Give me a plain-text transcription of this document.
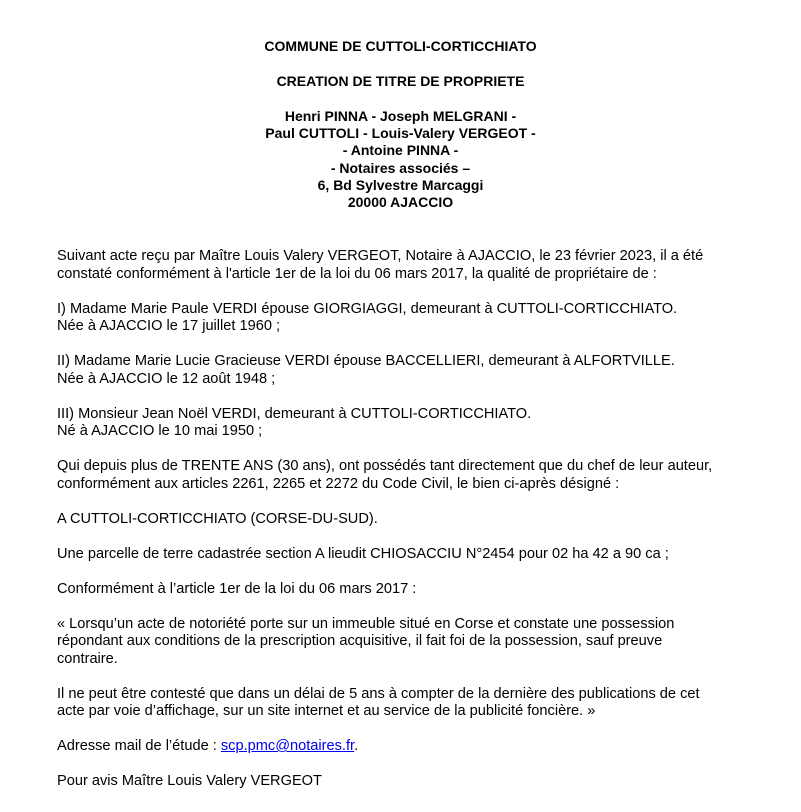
COMMUNE DE CUTTOLI-CORTICCHIATO
CREATION DE TITRE DE PROPRIETE
Henri PINNA - Joseph MELGRANI -
Paul CUTTOLI - Louis-Valery VERGEOT -
- Antoine PINNA -
- Notaires associés –
6, Bd Sylvestre Marcaggi
20000 AJACCIO

Suivant acte reçu par Maître Louis Valery VERGEOT, Notaire à AJACCIO, le 23 février 2023, il a été
constaté conformément à l'article 1er de la loi du 06 mars 2017, la qualité de propriétaire de :

I) Madame Marie Paule VERDI épouse GIORGIAGGI, demeurant à CUTTOLI-CORTICCHIATO.
Née à AJACCIO le 17 juillet 1960 ;

II) Madame Marie Lucie Gracieuse VERDI épouse BACCELLIERI, demeurant à ALFORTVILLE.
Née à AJACCIO le 12 août 1948 ;

III) Monsieur Jean Noël VERDI, demeurant à CUTTOLI-CORTICCHIATO.
Né à AJACCIO le 10 mai 1950 ;

Qui depuis plus de TRENTE ANS (30 ans), ont possédés tant directement que du chef de leur auteur,
conformément aux articles 2261, 2265 et 2272 du Code Civil, le bien ci-après désigné :

A CUTTOLI-CORTICCHIATO (CORSE-DU-SUD).

Une parcelle de terre cadastrée section A lieudit CHIOSACCIU N°2454 pour 02 ha 42 a 90 ca ;

Conformément à l’article 1er de la loi du 06 mars 2017 :

« Lorsqu’un acte de notoriété porte sur un immeuble situé en Corse et constate une possession
répondant aux conditions de la prescription acquisitive, il fait foi de la possession, sauf preuve
contraire.

Il ne peut être contesté que dans un délai de 5 ans à compter de la dernière des publications de cet
acte par voie d’affichage, sur un site internet et au service de la publicité foncière. »

Adresse mail de l’étude : scp.pmc@notaires.fr.

Pour avis Maître Louis Valery VERGEOT
